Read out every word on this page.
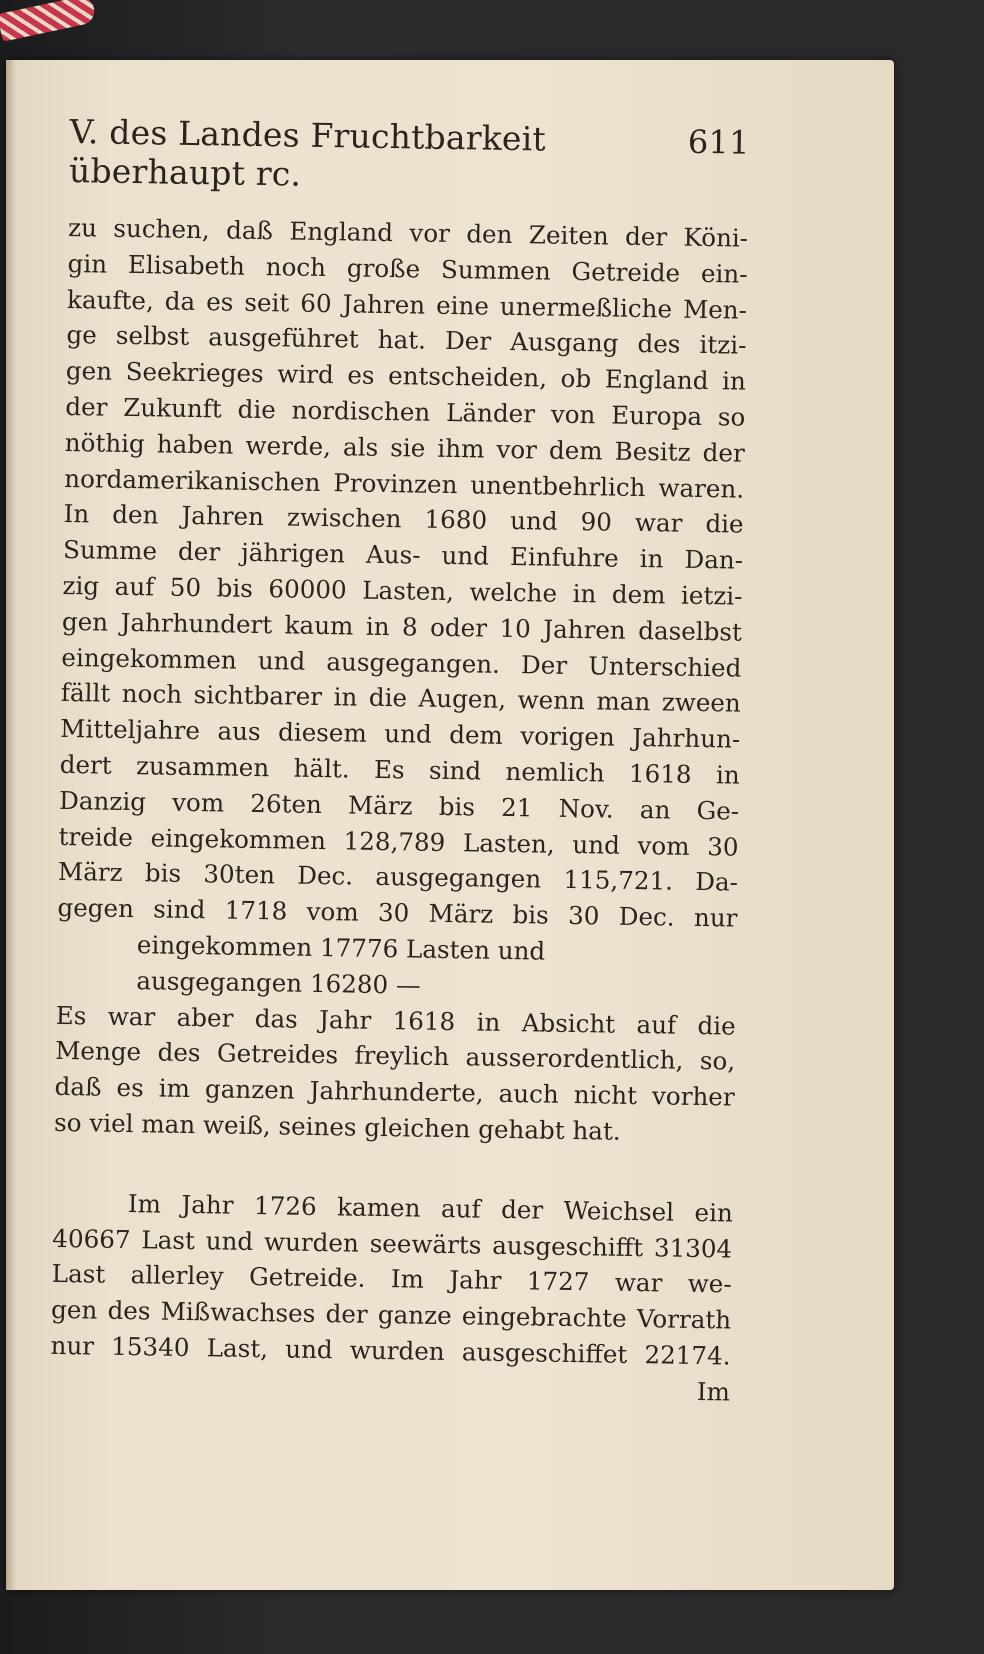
V. des Landes Fruchtbarkeit überhaupt rc.
611
zu suchen, daß England vor den Zeiten der Köni-
gin Elisabeth noch große Summen Getreide ein-
kaufte, da es seit 60 Jahren eine unermeßliche Men-
ge selbst ausgeführet hat. Der Ausgang des itzi-
gen Seekrieges wird es entscheiden, ob England in
der Zukunft die nordischen Länder von Europa so
nöthig haben werde, als sie ihm vor dem Besitz der
nordamerikanischen Provinzen unentbehrlich waren.
In den Jahren zwischen 1680 und 90 war die
Summe der jährigen Aus- und Einfuhre in Dan-
zig auf 50 bis 60000 Lasten, welche in dem ietzi-
gen Jahrhundert kaum in 8 oder 10 Jahren daselbst
eingekommen und ausgegangen. Der Unterschied
fällt noch sichtbarer in die Augen, wenn man zween
Mitteljahre aus diesem und dem vorigen Jahrhun-
dert zusammen hält. Es sind nemlich 1618 in
Danzig vom 26ten März bis 21 Nov. an Ge-
treide eingekommen 128,789 Lasten, und vom 30
März bis 30ten Dec. ausgegangen 115,721. Da-
gegen sind 1718 vom 30 März bis 30 Dec. nur
eingekommen 17776 Lasten und
ausgegangen 16280 —
Es war aber das Jahr 1618 in Absicht auf die
Menge des Getreides freylich ausserordentlich, so,
daß es im ganzen Jahrhunderte, auch nicht vorher
so viel man weiß, seines gleichen gehabt hat.
Im Jahr 1726 kamen auf der Weichsel ein
40667 Last und wurden seewärts ausgeschifft 31304
Last allerley Getreide. Im Jahr 1727 war we-
gen des Mißwachses der ganze eingebrachte Vorrath
nur 15340 Last, und wurden ausgeschiffet 22174.
Im
